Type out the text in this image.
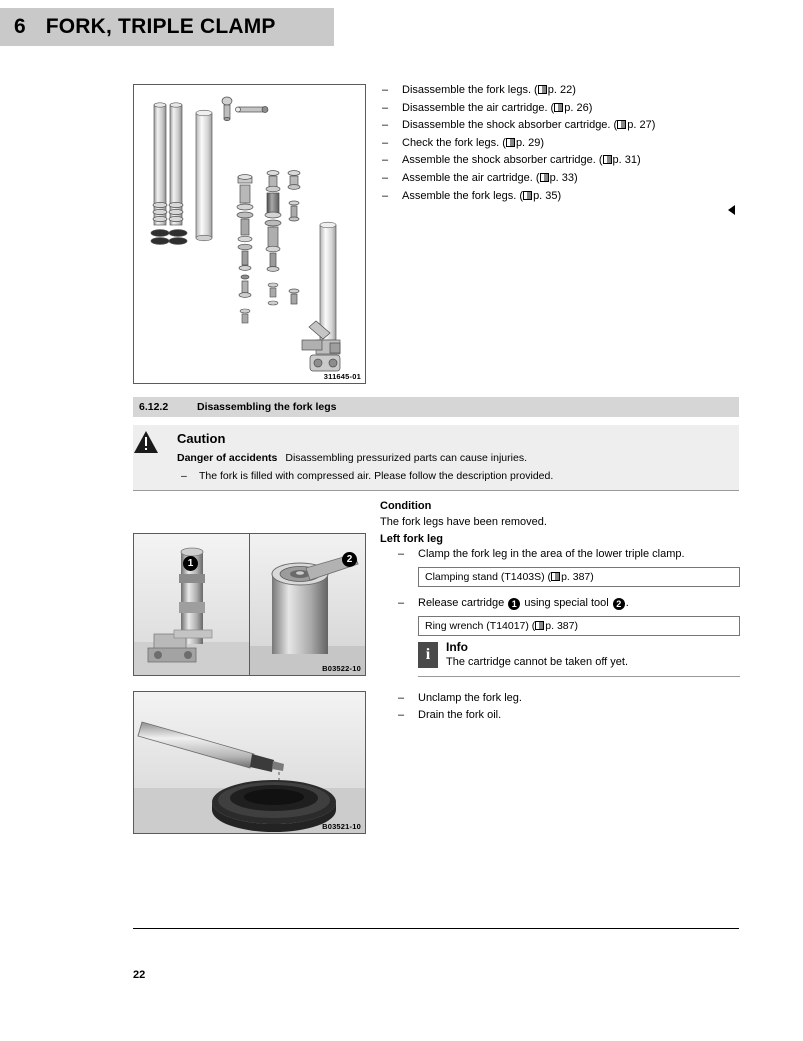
6 FORK, TRIPLE CLAMP
311645-01
– Disassemble the fork legs. ( p. 22)
– Disassemble the air cartridge. ( p. 26)
– Disassemble the shock absorber cartridge. ( p. 27)
– Check the fork legs. ( p. 29)
– Assemble the shock absorber cartridge. ( p. 31)
– Assemble the air cartridge. ( p. 33)
– Assemble the fork legs. ( p. 35)
6.12.2	Disassembling the fork legs
Caution
Danger of accidents Disassembling pressurized parts can cause injuries.
– The fork is filled with compressed air. Please follow the description provided.
Condition
The fork legs have been removed.
Left fork leg
– Clamp the fork leg in the area of the lower triple clamp.
Clamping stand (T1403S) ( p. 387)
– Release cartridge 1 using special tool 2 .
Ring wrench (T14017) ( p. 387)
i	Info
The cartridge cannot be taken off yet.
– Unclamp the fork leg.
– Drain the fork oil.
1	2
B03522-10
B03521-10
22
